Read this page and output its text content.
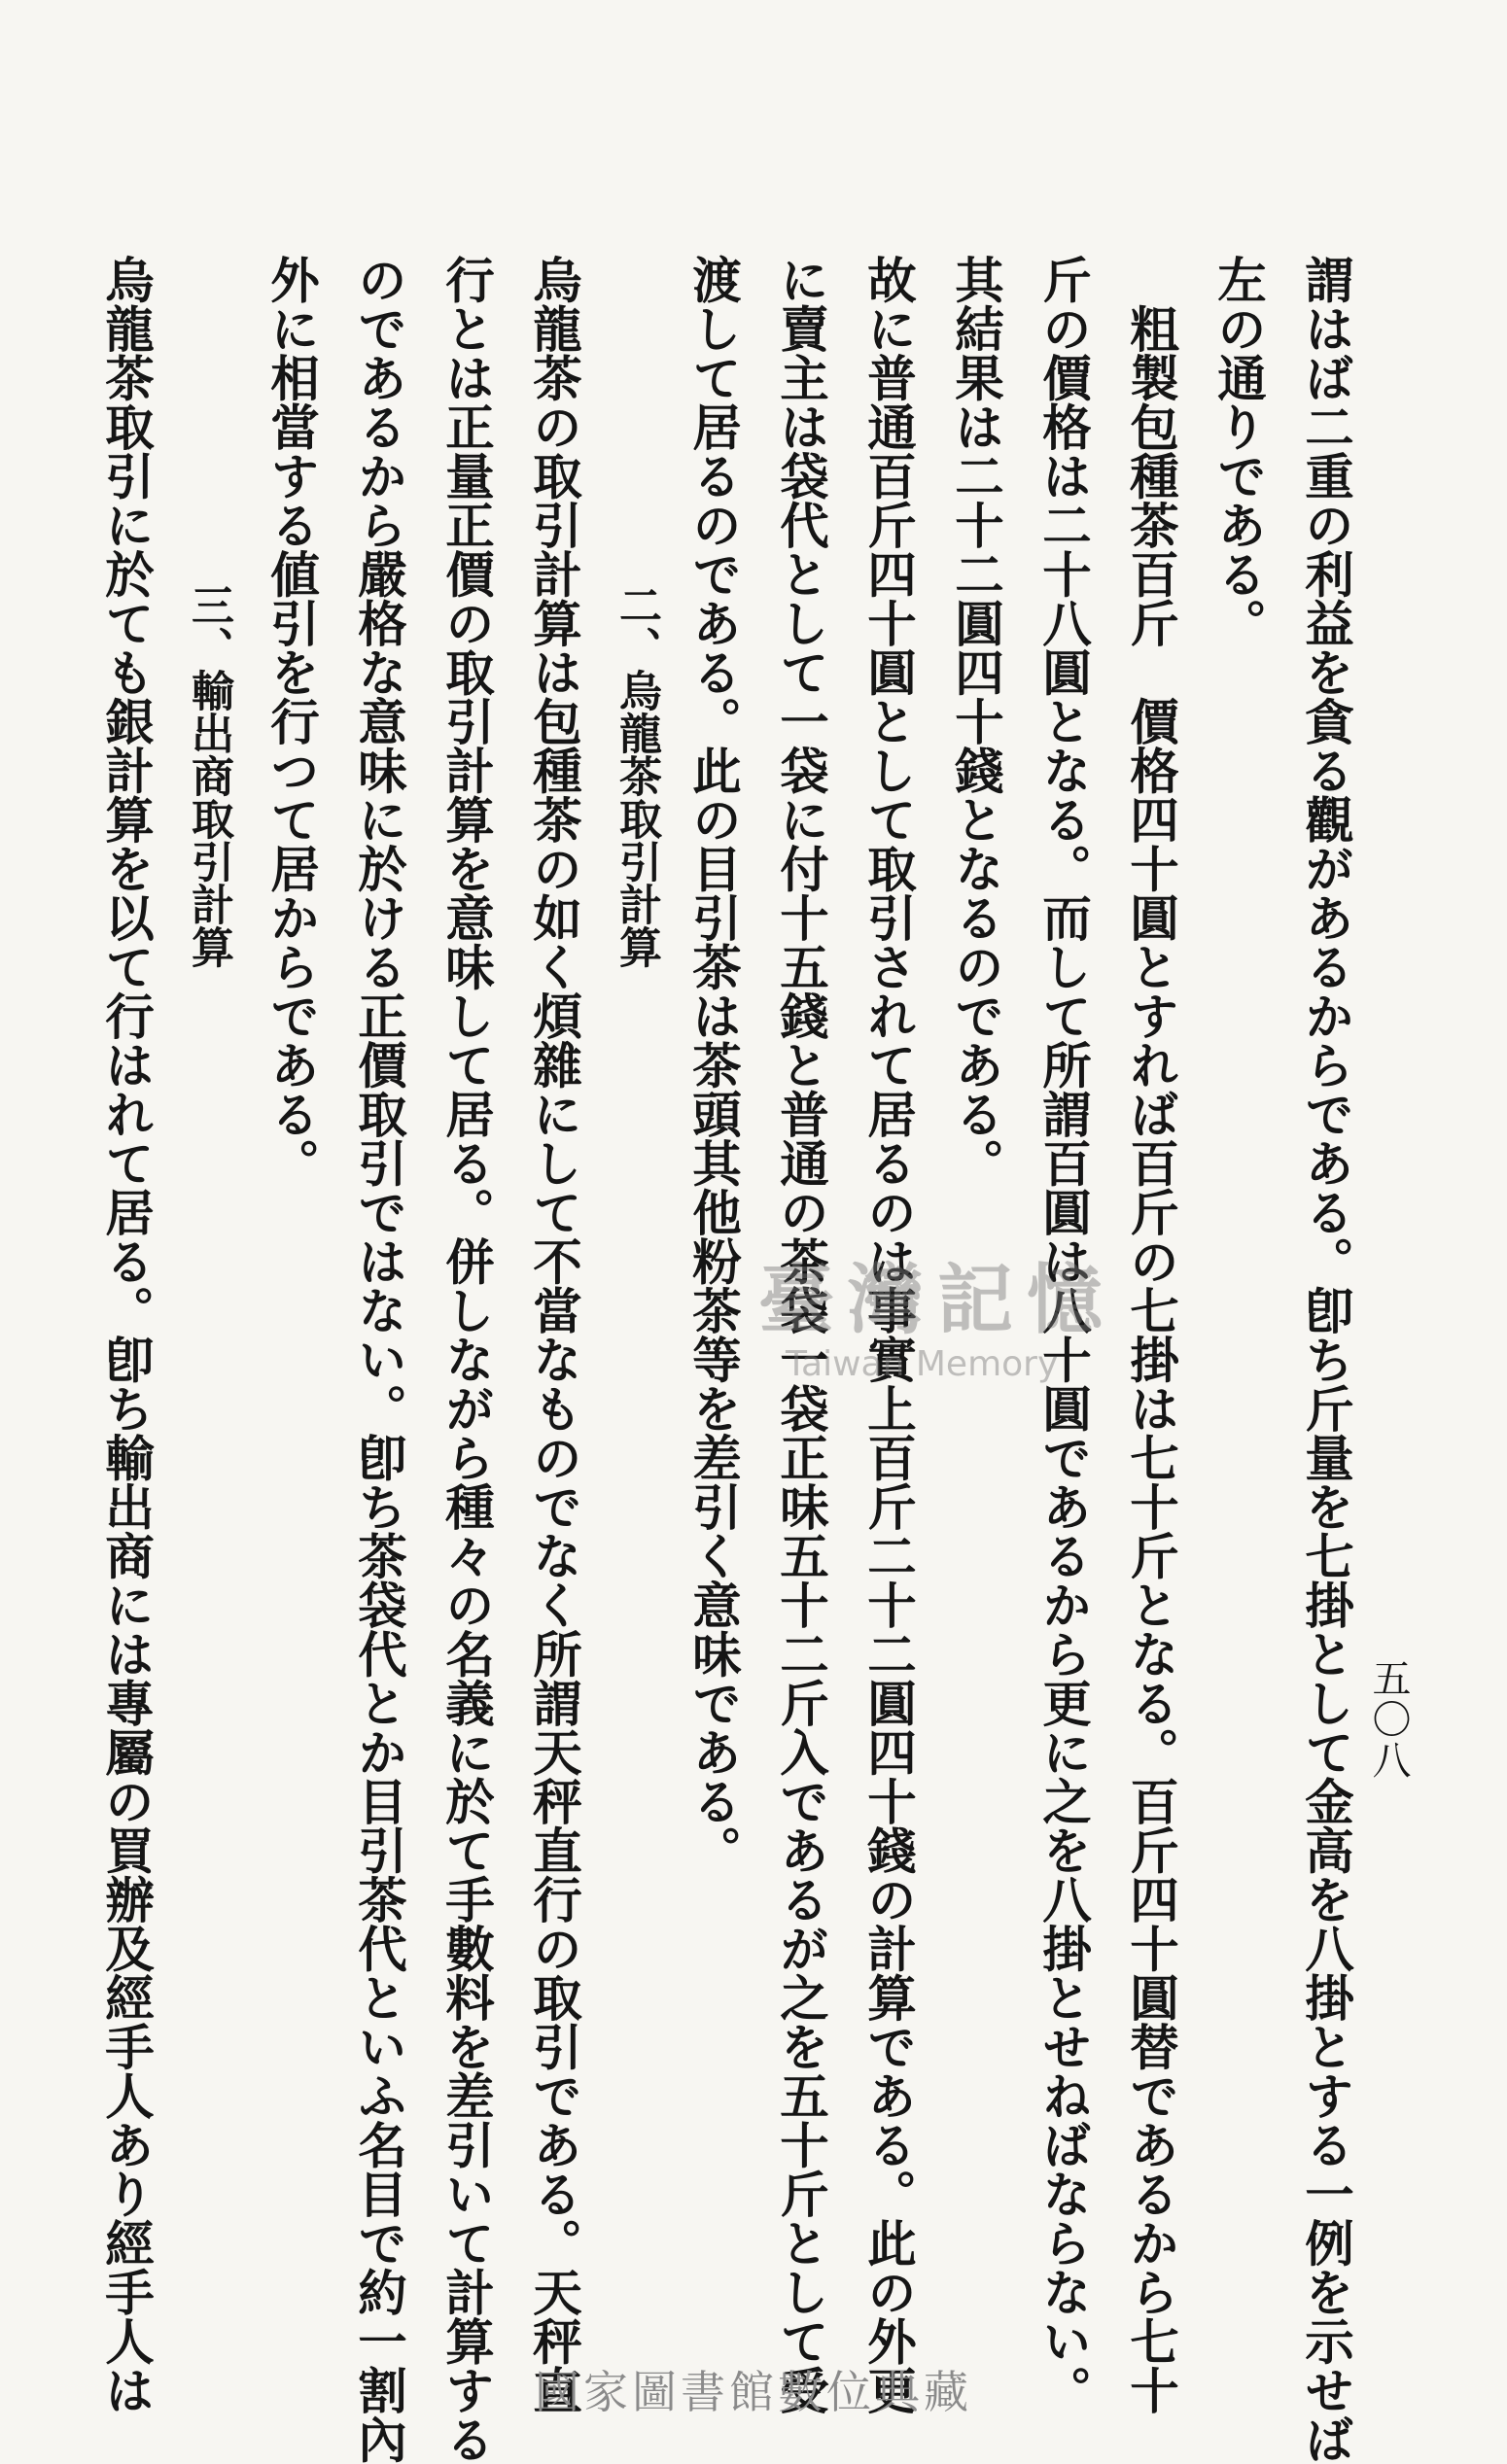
五〇八
謂はば二重の利益を貪る觀があるからである。卽ち斤量を七掛として金高を八掛とする一例を示せば
左の通りである。
　粗製包種茶百斤　價格四十圓とすれば百斤の七掛は七十斤となる。百斤四十圓替であるから七十
斤の價格は二十八圓となる。而して所謂百圓は八十圓であるから更に之を八掛とせねばならない。
其結果は二十二圓四十錢となるのである。
故に普通百斤四十圓として取引されて居るのは事實上百斤二十二圓四十錢の計算である。此の外更
に賣主は袋代として一袋に付十五錢と普通の茶袋一袋正味五十二斤入であるが之を五十斤として受
渡して居るのである。此の目引茶は茶頭其他粉茶等を差引く意味である。
二、烏龍茶取引計算
烏龍茶の取引計算は包種茶の如く煩雜にして不當なものでなく所謂天秤直行の取引である。天秤直
行とは正量正價の取引計算を意味して居る。併しながら種々の名義に於て手數料を差引いて計算する
のであるから嚴格な意味に於ける正價取引ではない。卽ち茶袋代とか目引茶代といふ名目で約一割內
外に相當する値引を行つて居からである。
三、輸出商取引計算
烏龍茶取引に於ても銀計算を以て行はれて居る。卽ち輸出商には專屬の買辦及經手人あり經手人は	臺灣記憶
Taiwan Memory
國家圖書館數位典藏
